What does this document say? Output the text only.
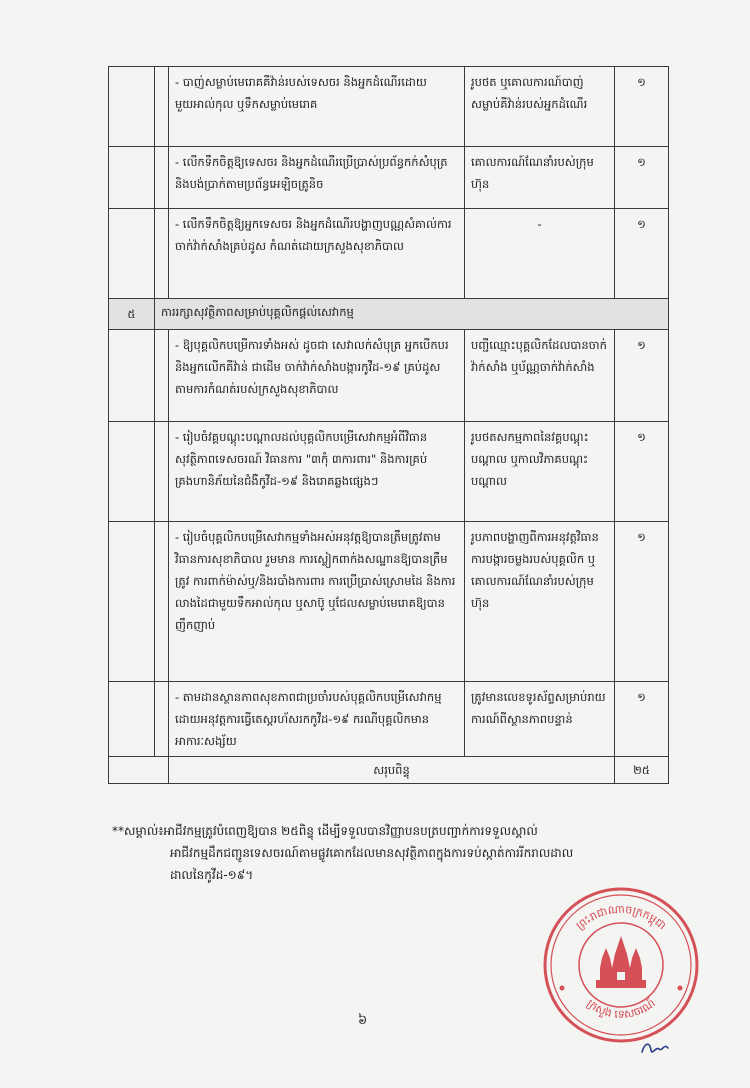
		- បាញ់សម្លាប់មេរោគគីវ៉ាន់របស់ទេសចរ និងអ្នកដំណើរដោយមួយអាល់កុល ឬទឹកសម្លាប់មេរោគ	រូបថត ឬគោលការណ៍បាញ់សម្លាប់គីវ៉ាន់របស់អ្នកដំណើរ	១
		- លើកទឹកចិត្តឱ្យទេសចរ និងអ្នកដំណើរប្រើប្រាស់ប្រព័ន្ធកក់សំបុត្រ និងបង់ប្រាក់តាមប្រព័ន្ធអេឡិចត្រូនិច	គោលការណ៍ណែនាំរបស់ក្រុមហ៊ុន	១
		- លើកទឹកចិត្តឱ្យអ្នកទេសចរ និងអ្នកដំណើរបង្ហាញបណ្ណសំគាល់ការចាក់វ៉ាក់សាំងគ្រប់ដូស កំណត់ដោយក្រសួងសុខាភិបាល	-	១
៥	ការរក្សាសុវត្ថិភាពសម្រាប់បុគ្គលិកផ្តល់សេវាកម្ម			
		- ឱ្យបុគ្គលិកបម្រើការទាំងអស់ ដូចជា សេវាលក់សំបុត្រ អ្នកបើកបរ និងអ្នកលើកគីវ៉ាន់ ជាដើម ចាក់វ៉ាក់សាំងបង្ការកូវីដ-១៩ គ្រប់ដូសតាមការកំណត់របស់ក្រសួងសុខាភិបាល	បញ្ជីឈ្មោះបុគ្គលិកដែលបានចាក់វ៉ាក់សាំង ឬប័ណ្ណចាក់វ៉ាក់សាំង	១
		- រៀបចំវគ្គបណ្តុះបណ្តាលដល់បុគ្គលិកបម្រើសេវាកម្មអំពីវិធានសុវត្ថិភាពទេសចរណ៍ វិធានការ "៣កុំ ៣ការពារ" និងការគ្រប់គ្រងហានិភ័យនៃជំងឺកូវីដ-១៩ និងរោគឆ្លងផ្សេងៗ	រូបថតសកម្មភាពនៃវគ្គបណ្តុះបណ្តាល ឬកាលវិភាគបណ្តុះបណ្តាល	១
		- រៀបចំបុគ្គលិកបម្រើសេវាកម្មទាំងអស់អនុវត្តឱ្យបានត្រឹមត្រូវតាមវិធានការសុខាភិបាល រួមមាន ការស្លៀកពាក់ងសណ្ឋានឱ្យបានត្រឹមត្រូវ ការពាក់ម៉ាស់ឬ/និងរបាំងការពារ ការប្រើប្រាស់ស្រោមដៃ និងការលាងដៃជាមួយទឹកអាល់កុល ឬសាប៊ូ ឬជែលសម្លាប់មេរោគឱ្យបានញឹកញាប់	រូបភាពបង្ហាញពីការអនុវត្តវិធានការបង្ការចម្លងរបស់បុគ្គលិក ឬគោលការណ៍ណែនាំរបស់ក្រុមហ៊ុន	១
		- តាមដានស្ថានភាពសុខភាពជាប្រចាំរបស់បុគ្គលិកបម្រើសេវាកម្ម ដោយអនុវត្តការធ្វើតេស្តរហ័សរកកូវីដ-១៩ ករណីបុគ្គលិកមានអាការៈសង្ស័យ	ត្រូវមានលេខទូរស័ព្ទសម្រាប់រាយការណ៍ពីស្ថានភាពបន្ទាន់	១
		សរុបពិន្ទុ		២៥
**សម្គាល់៖អាជីវកម្មត្រូវបំពេញឱ្យបាន ២៥ពិន្ទុ ដើម្បីទទួលបានវិញ្ញាបនបត្របញ្ជាក់ការទទួលស្គាល់
អាជីវកម្មដឹកជញ្ជូនទេសចរណ៍តាមផ្លូវគោកដែលមានសុវត្ថិភាពក្នុងការទប់ស្កាត់ការរីករាលដាល
ដាលនៃកូវីដ-១៩។
ព្រះរាជាណាចក្រកម្ពុជា
ក្រសួង ទេសចរណ៍
៦
